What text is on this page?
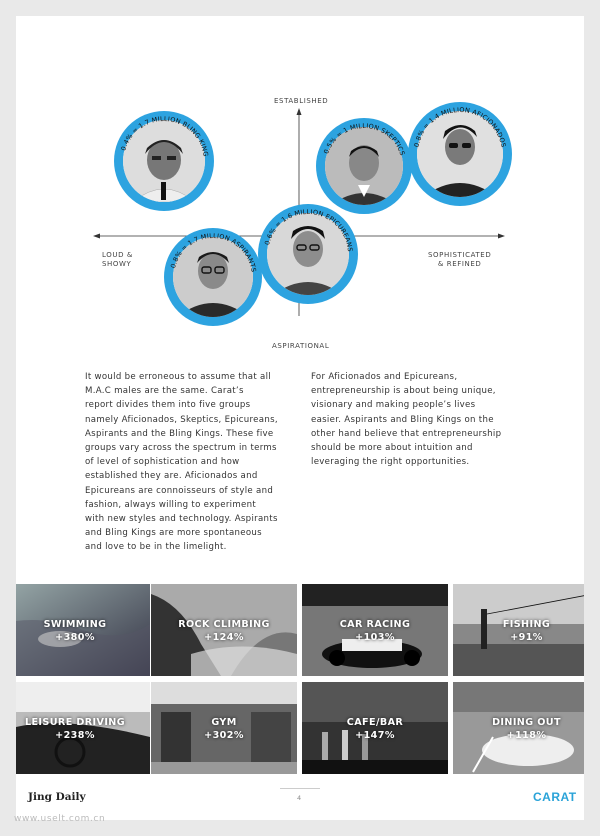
ESTABLISHED
ASPIRATIONAL
LOUD &
SHOWY
SOPHISTICATED
& REFINED
0.4% = 1.7 MILLION BLING KING	0.5% = 1 MILLION SKEPTICS
0.8% = 1.4 MILLION AFICIONADOS
0.8% = 1.7 MILLION ASPIRANTS
0.6% = 1.6 MILLION EPICUREANS
It would be erroneous to assume that all
M.A.C males are the same. Carat’s
report divides them into five groups
namely Aficionados, Skeptics, Epicureans,
Aspirants and the Bling Kings. These five
groups vary across the spectrum in terms
of level of sophistication and how
established they are. Aficionados and
Epicureans are connoisseurs of style and
fashion, always willing to experiment
with new styles and technology. Aspirants
and Bling Kings are more spontaneous
and love to be in the limelight.
For Aficionados and Epicureans,
entrepreneurship is about being unique,
visionary and making people’s lives
easier. Aspirants and Bling Kings on the
other hand believe that entrepreneurship
should be more about intuition and
leveraging the right opportunities.
SWIMMING
+380%
ROCK CLIMBING
+124%
CAR RACING
+103%
FISHING
+91%
LEISURE DRIVING
+238%
GYM
+302%
CAFE/BAR
+147%
DINING OUT
+118%
4
Jing Daily	CARAT
www.uselt.com.cn
